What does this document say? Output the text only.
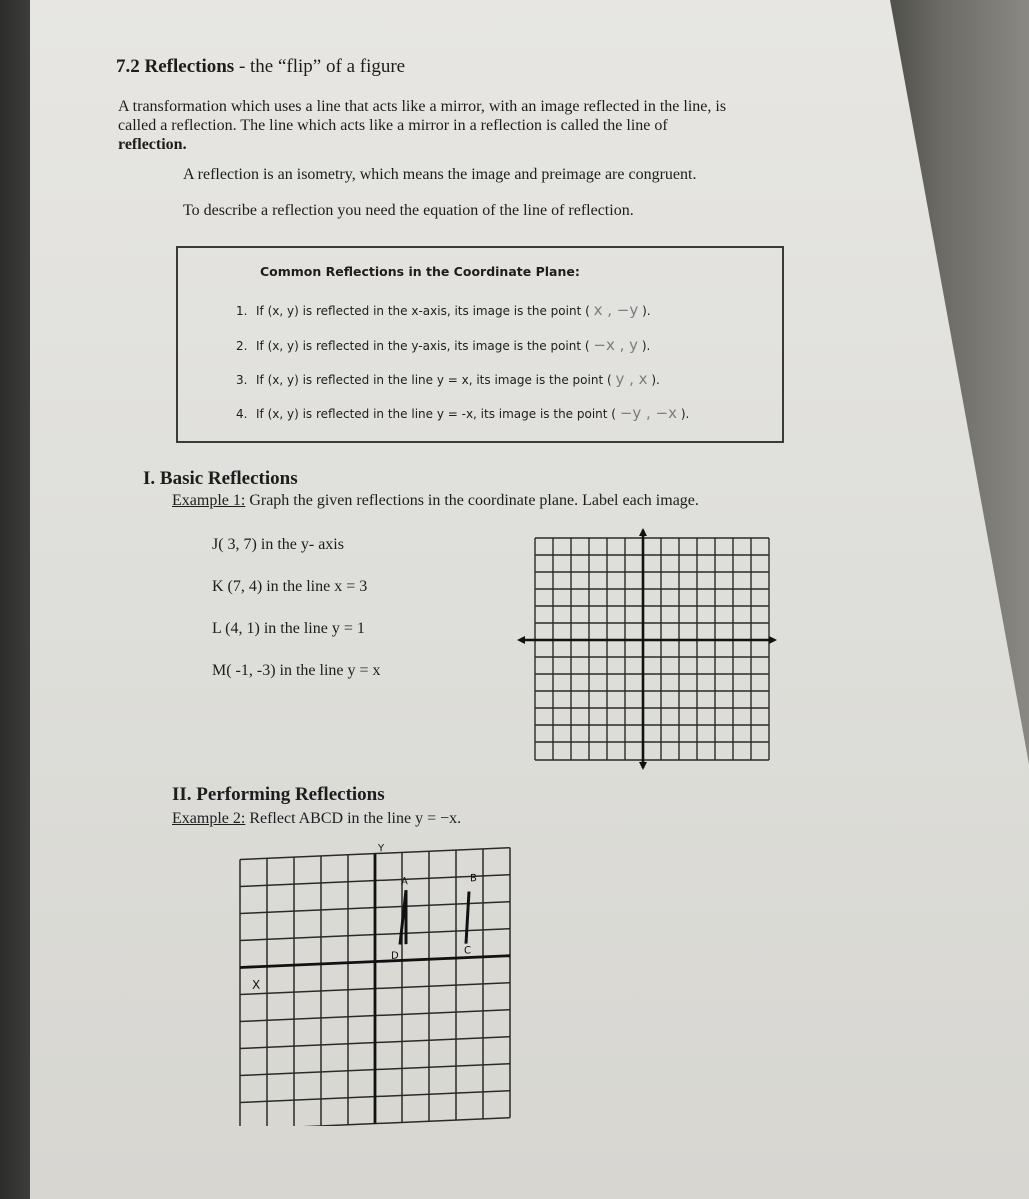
7.2 Reflections - the “flip” of a figure
A transformation which uses a line that acts like a mirror, with an image reflected in the line, is
called a reflection. The line which acts like a mirror in a reflection is called the line of
reflection.
A reflection is an isometry, which means the image and preimage are congruent.
To describe a reflection you need the equation of the line of reflection.
Common Reflections in the Coordinate Plane:
1. If (x, y) is reflected in the x-axis, its image is the point ( x , −y ).
2. If (x, y) is reflected in the y-axis, its image is the point ( −x , y ).
3. If (x, y) is reflected in the line y = x, its image is the point ( y , x ).
4. If (x, y) is reflected in the line y = -x, its image is the point ( −y , −x ).
I. Basic Reflections
Example 1: Graph the given reflections in the coordinate plane. Label each image.
J( 3, 7) in the y- axis
K (7, 4) in the line x = 3
L (4, 1) in the line y = 1
M( -1, -3) in the line y = x
II. Performing Reflections
Example 2: Reflect ABCD in the line y = −x.
Y
X
A	B
C
D
